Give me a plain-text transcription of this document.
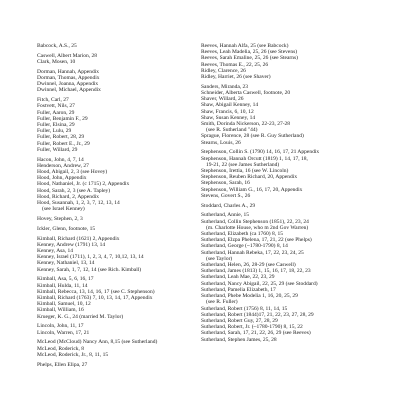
Babcock, A.S., 25
Caswell, Albert Marion, 28
Clark, Mosen, 10
Dorman, Hannah, Appendix
Dorman, Thomas, Appendix
Dwinnel, Joanna, Appendix
Dwinnel, Michael, Appendix
Fitch, Carl, 27
Fostvett, Nils, 27
Fuller, Aaron, 29
Fuller, Benjamin F., 29
Fuller, Elsina, 29
Fuller, Lulu, 29
Fuller, Robert, 28, 29
Fuller, Robert E., Jr., 29
Fuller, Willard, 29
Hacon, John, 4, 7, 14
Henderson, Andrew, 27
Hood, Abigail, 2, 3 (see Hovey)
Hood, John, Appendix
Hood, Nathaniel, Jr. (c 1715) 2, Appendix
Hood, Sarah, 2, 3 (see A. Tapley)
Hood, Richard, 2, Appendix
Hood, Susannah, 1, 2, 3, 7, 12, 13, 14
(see Israel Kenney)
Hovey, Stephen, 2, 3
Ickler, Glenn, footnote, 15
Kimball, Richard (1621) 2, Appendix
Kenney, Andrew (1791) 13, 14
Kenney, Asa, 14
Kenney, Israel (1711), 1, 2, 3, 4, 7, 10,12, 13, 14
Kenney, Nathaniel, 13, 14
Kenney, Sarah, 1, 7, 12, 14 (see Rich. Kimball)
Kimball, Asa, 5, 6, 16, 17
Kimball, Hulda, 11, 14
Kimball, Rebecca, 13, 14, 16, 17 (see C. Stephenson)
Kimball, Richard (1763) 7, 10, 13, 14, 17, Appendix
Kimball, Samuel, 10, 12
Kimball, William, 16
Krueger, K. G., 24 (married M. Taylor)
Lincoln, John, 11, 17
Lincoln, Warren, 17, 21
McLeod (McCloud) Nancy Ann, 8,15 (see Sutherland)
McLeod, Roderick, 8
McLeod, Roderick, Jr., 8, 11, 15
Phelps, Ellen Elipa, 27
Reeves, Hannah Alfa, 25 (see Babcock)
Reeves, Leah Madelia, 25, 26 (see Stevens)
Reeves, Sarah Emaline, 25, 26 (see Stearns)
Reeves, Thomas E., 22, 25, 26
Ridley, Clarence, 26
Ridley, Harriet, 26 (see Shaver)
Sanders, Miranda, 23
Schneider, Alberta Caswell, footnote, 20
Shaver, Willard, 26
Shaw, Abigail Kenney, 14
Shaw, Francis, 6, 10, 12
Shaw, Susan Kenney, 14
Smith, Dorinda Nickerson, 22-23, 27-28
(see R. Sutherland "44)
Sprague, Florence, 28 (see R. Guy Sutherland)
Stearns, Louis, 26
Stephenson, Collin S. (1790) 14, 16, 17, 21 Appendix
Stephenson, Hannah Orcutt (1819) 1, 14, 17, 18,
19-21, 22 (see James Sutherland)
Stephenson, Irettia, 16 (see W. Lincoln)
Stephenson, Reuben Richard, 20, Appendix
Stephenson, Sarah, 16
Stephenson, William G., 16, 17, 20, Appendix
Stevens, Govert S., 26
Stoddard, Charles A., 29
Sutherland, Annie, 15
Sutherland, Collin Stephenson (1851), 22, 23, 24
(m. Charlotte House, who m 2nd Gov Warren)
Sutherland, Elizabeth (ca 1760) 8, 15
Sutherland, Elzpa Phelena, 17, 21, 22 (see Phelps)
Sutherland, George (~1780-1790) 8, 14
Sutherland, Hannah Rebeka, 17, 22, 23, 24, 25
(see Taylor)
Sutherland, Helen, 26, 28-29 (see Caswell)
Sutherland, James (1813) 1, 15, 16, 17, 18, 22, 23
Sutherland, Leah Mae, 22, 23, 29
Sutherland, Nancy Abigail, 22, 25, 29 (see Stoddard)
Sutherland, Pamelia Elizabeth, 17
Sutherland, Phebe Modelia 1, 16, 20, 25, 29
(see R. Fuller)
Sutherland, Robert (1756) 8, 11, 14, 15
Sutherland, Robert (1844)17, 21, 22, 23, 27, 28, 29
Sutherland, Robert Guy, 27, 28, 29
Sutherland, Robert, Jr. (~1780-1790) 8, 15, 22
Sutherland, Sarah, 17, 21, 22, 26, 29 (see Reeves)
Sutherland, Stephen James, 25, 28
